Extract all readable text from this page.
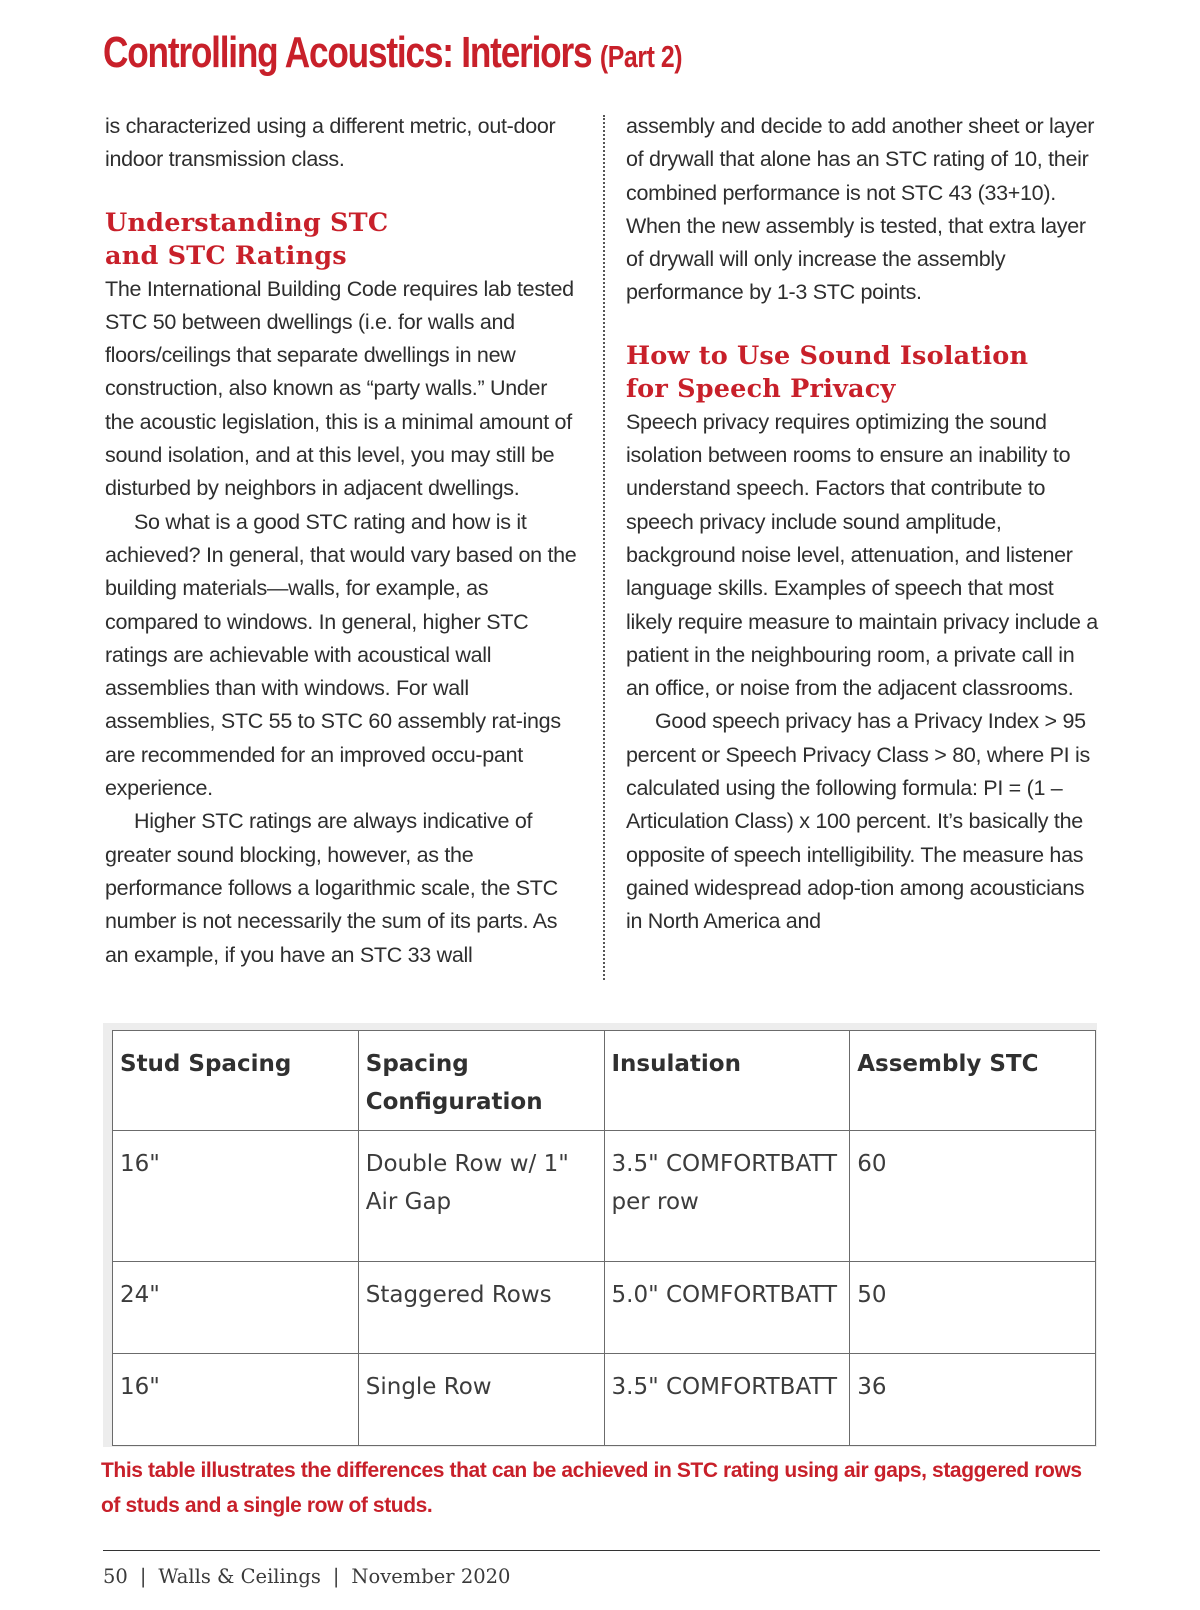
Controlling Acoustics: Interiors (Part 2)

is characterized using a different metric, out-door indoor transmission class.

Understanding STC
and STC Ratings

The International Building Code requires lab tested STC 50 between dwellings (i.e. for walls and floors/ceilings that separate dwellings in new construction, also known as “party walls.” Under the acoustic legislation, this is a minimal amount of sound isolation, and at this level, you may still be disturbed by neighbors in adjacent dwellings.

So what is a good STC rating and how is it achieved? In general, that would vary based on the building materials—walls, for example, as compared to windows. In general, higher STC ratings are achievable with acoustical wall assemblies than with windows. For wall assemblies, STC 55 to STC 60 assembly rat-ings are recommended for an improved occu-pant experience.

Higher STC ratings are always indicative of greater sound blocking, however, as the performance follows a logarithmic scale, the STC number is not necessarily the sum of its parts. As an example, if you have an STC 33 wall

assembly and decide to add another sheet or layer of drywall that alone has an STC rating of 10, their combined performance is not STC 43 (33+10). When the new assembly is tested, that extra layer of drywall will only increase the assembly performance by 1-3 STC points.

How to Use Sound Isolation
for Speech Privacy

Speech privacy requires optimizing the sound isolation between rooms to ensure an inability to understand speech. Factors that contribute to speech privacy include sound amplitude, background noise level, attenuation, and listener language skills. Examples of speech that most likely require measure to maintain privacy include a patient in the neighbouring room, a private call in an office, or noise from the adjacent classrooms.

Good speech privacy has a Privacy Index > 95 percent or Speech Privacy Class > 80, where PI is calculated using the following formula: PI = (1 – Articulation Class) x 100 percent. It’s basically the opposite of speech intelligibility. The measure has gained widespread adop-tion among acousticians in North America and

Stud Spacing	Spacing Configuration	Insulation	Assembly STC
16"	Double Row w/ 1" Air Gap	3.5" COMFORTBATT per row	60
24"	Staggered Rows	5.0" COMFORTBATT	50
16"	Single Row	3.5" COMFORTBATT	36

This table illustrates the differences that can be achieved in STC rating using air gaps, staggered rows of studs and a single row of studs.

50 | Walls & Ceilings | November 2020
